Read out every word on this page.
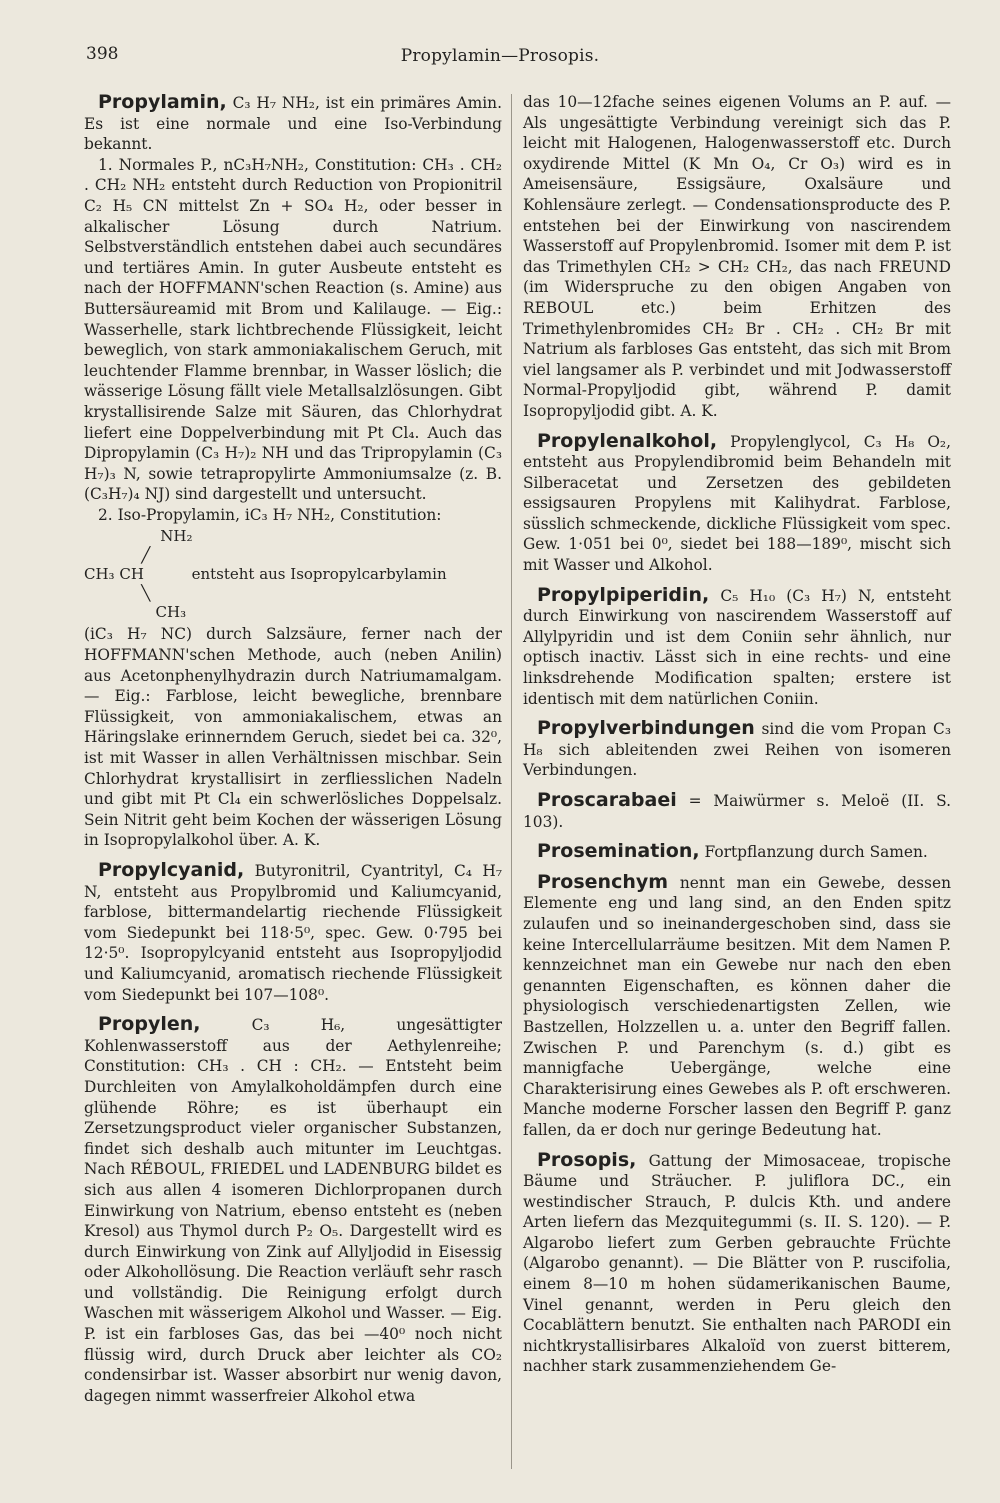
398	Propylamin—Prosopis.

Propylamin, C₃ H₇ NH₂, ist ein primäres Amin. Es ist eine normale und eine Iso-Verbindung bekannt.

1. Normales P., nC₃H₇NH₂, Constitution: CH₃ . CH₂ . CH₂ NH₂ entsteht durch Reduction von Propionitril C₂ H₅ CN mittelst Zn + SO₄ H₂, oder besser in alkalischer Lösung durch Natrium. Selbstverständlich entstehen dabei auch secundäres und tertiäres Amin. In guter Ausbeute entsteht es nach der HOFFMANN'schen Reaction (s. Amine) aus Buttersäureamid mit Brom und Kalilauge. — Eig.: Wasserhelle, stark lichtbrechende Flüssigkeit, leicht beweglich, von stark ammoniakalischem Geruch, mit leuchtender Flamme brennbar, in Wasser löslich; die wässerige Lösung fällt viele Metallsalzlösungen. Gibt krystallisirende Salze mit Säuren, das Chlorhydrat liefert eine Doppelverbindung mit Pt Cl₄. Auch das Dipropylamin (C₃ H₇)₂ NH und das Tripropylamin (C₃ H₇)₃ N, sowie tetrapropylirte Ammoniumsalze (z. B. (C₃H₇)₄ NJ) sind dargestellt und untersucht.

2. Iso-Propylamin, iC₃ H₇ NH₂, Constitution:

NH₂
╱
CH₃ CH          entsteht aus Isopropylcarbylamin
╲
CH₃

(iC₃ H₇ NC) durch Salzsäure, ferner nach der HOFFMANN'schen Methode, auch (neben Anilin) aus Acetonphenylhydrazin durch Natriumamalgam. — Eig.: Farblose, leicht bewegliche, brennbare Flüssigkeit, von ammoniakalischem, etwas an Häringslake erinnerndem Geruch, siedet bei ca. 32⁰, ist mit Wasser in allen Verhältnissen mischbar. Sein Chlorhydrat krystallisirt in zerfliesslichen Nadeln und gibt mit Pt Cl₄ ein schwerlösliches Doppelsalz. Sein Nitrit geht beim Kochen der wässerigen Lösung in Isopropylalkohol über. A. K.

Propylcyanid, Butyronitril, Cyantrityl, C₄ H₇ N, entsteht aus Propylbromid und Kaliumcyanid, farblose, bittermandelartig riechende Flüssigkeit vom Siedepunkt bei 118·5⁰, spec. Gew. 0·795 bei 12·5⁰. Isopropylcyanid entsteht aus Isopropyljodid und Kaliumcyanid, aromatisch riechende Flüssigkeit vom Siedepunkt bei 107—108⁰.

Propylen,	C₃ H₆, ungesättigter Kohlenwasserstoff aus der Aethylenreihe; Constitution: CH₃ . CH : CH₂. — Entsteht beim Durchleiten von Amylalkoholdämpfen durch eine glühende Röhre; es ist überhaupt ein Zersetzungsproduct vieler organischer Substanzen, findet sich deshalb auch mitunter im Leuchtgas. Nach RÉBOUL, FRIEDEL und LADENBURG bildet es sich aus allen 4 isomeren Dichlorpropanen durch Einwirkung von Natrium, ebenso entsteht es (neben Kresol) aus Thymol durch P₂ O₅. Dargestellt wird es durch Einwirkung von Zink auf Allyljodid in Eisessig oder Alkohollösung. Die Reaction verläuft sehr rasch und vollständig. Die Reinigung erfolgt durch Waschen mit wässerigem Alkohol und Wasser. — Eig. P. ist ein farbloses Gas, das bei —40⁰ noch nicht flüssig wird, durch Druck aber leichter als CO₂ condensirbar ist. Wasser absorbirt nur wenig davon, dagegen nimmt wasserfreier Alkohol etwa

das 10—12fache seines eigenen Volums an P. auf. — Als ungesättigte Verbindung vereinigt sich das P. leicht mit Halogenen, Halogenwasserstoff etc. Durch oxydirende Mittel (K Mn O₄, Cr O₃) wird es in Ameisensäure, Essigsäure, Oxalsäure und Kohlensäure zerlegt. — Condensationsproducte des P. entstehen bei der Einwirkung von nascirendem Wasserstoff auf Propylenbromid. Isomer mit dem P. ist das Trimethylen CH₂ > CH₂ CH₂, das nach FREUND (im Widerspruche zu den obigen Angaben von REBOUL etc.) beim Erhitzen des Trimethylenbromides CH₂ Br . CH₂ . CH₂ Br mit Natrium als farbloses Gas entsteht, das sich mit Brom viel langsamer als P. verbindet und mit Jodwasserstoff Normal-Propyljodid gibt, während P. damit Isopropyljodid gibt. A. K.

Propylenalkohol, Propylenglycol, C₃ H₈ O₂, entsteht aus Propylendibromid beim Behandeln mit Silberacetat und Zersetzen des gebildeten essigsauren Propylens mit Kalihydrat. Farblose, süsslich schmeckende, dickliche Flüssigkeit vom spec. Gew. 1·051 bei 0⁰, siedet bei 188—189⁰, mischt sich mit Wasser und Alkohol.

Propylpiperidin, C₅ H₁₀ (C₃ H₇) N, entsteht durch Einwirkung von nascirendem Wasserstoff auf Allylpyridin und ist dem Coniin sehr ähnlich, nur optisch inactiv. Lässt sich in eine rechts- und eine linksdrehende Modification spalten; erstere ist identisch mit dem natürlichen Coniin.

Propylverbindungen sind die vom Propan C₃ H₈ sich ableitenden zwei Reihen von isomeren Verbindungen.

Proscarabaei = Maiwürmer s. Meloë (II. S. 103).

Prosemination, Fortpflanzung durch Samen.

Prosenchym nennt man ein Gewebe, dessen Elemente eng und lang sind, an den Enden spitz zulaufen und so ineinandergeschoben sind, dass sie keine Intercellularräume besitzen. Mit dem Namen P. kennzeichnet man ein Gewebe nur nach den eben genannten Eigenschaften, es können daher die physiologisch verschiedenartigsten Zellen, wie Bastzellen, Holzzellen u. a. unter den Begriff fallen. Zwischen P. und Parenchym (s. d.) gibt es mannigfache Uebergänge, welche eine Charakterisirung eines Gewebes als P. oft erschweren. Manche moderne Forscher lassen den Begriff P. ganz fallen, da er doch nur geringe Bedeutung hat.

Prosopis, Gattung der Mimosaceae, tropische Bäume und Sträucher. P. juliflora DC., ein westindischer Strauch, P. dulcis Kth. und andere Arten liefern das Mezquitegummi (s. II. S. 120). — P. Algarobo liefert zum Gerben gebrauchte Früchte (Algarobo genannt). — Die Blätter von P. ruscifolia, einem 8—10 m hohen südamerikanischen Baume, Vinel genannt, werden in Peru gleich den Cocablättern benutzt. Sie enthalten nach PARODI ein nichtkrystallisirbares Alkaloïd von zuerst bitterem, nachher stark zusammenziehendem Ge-
